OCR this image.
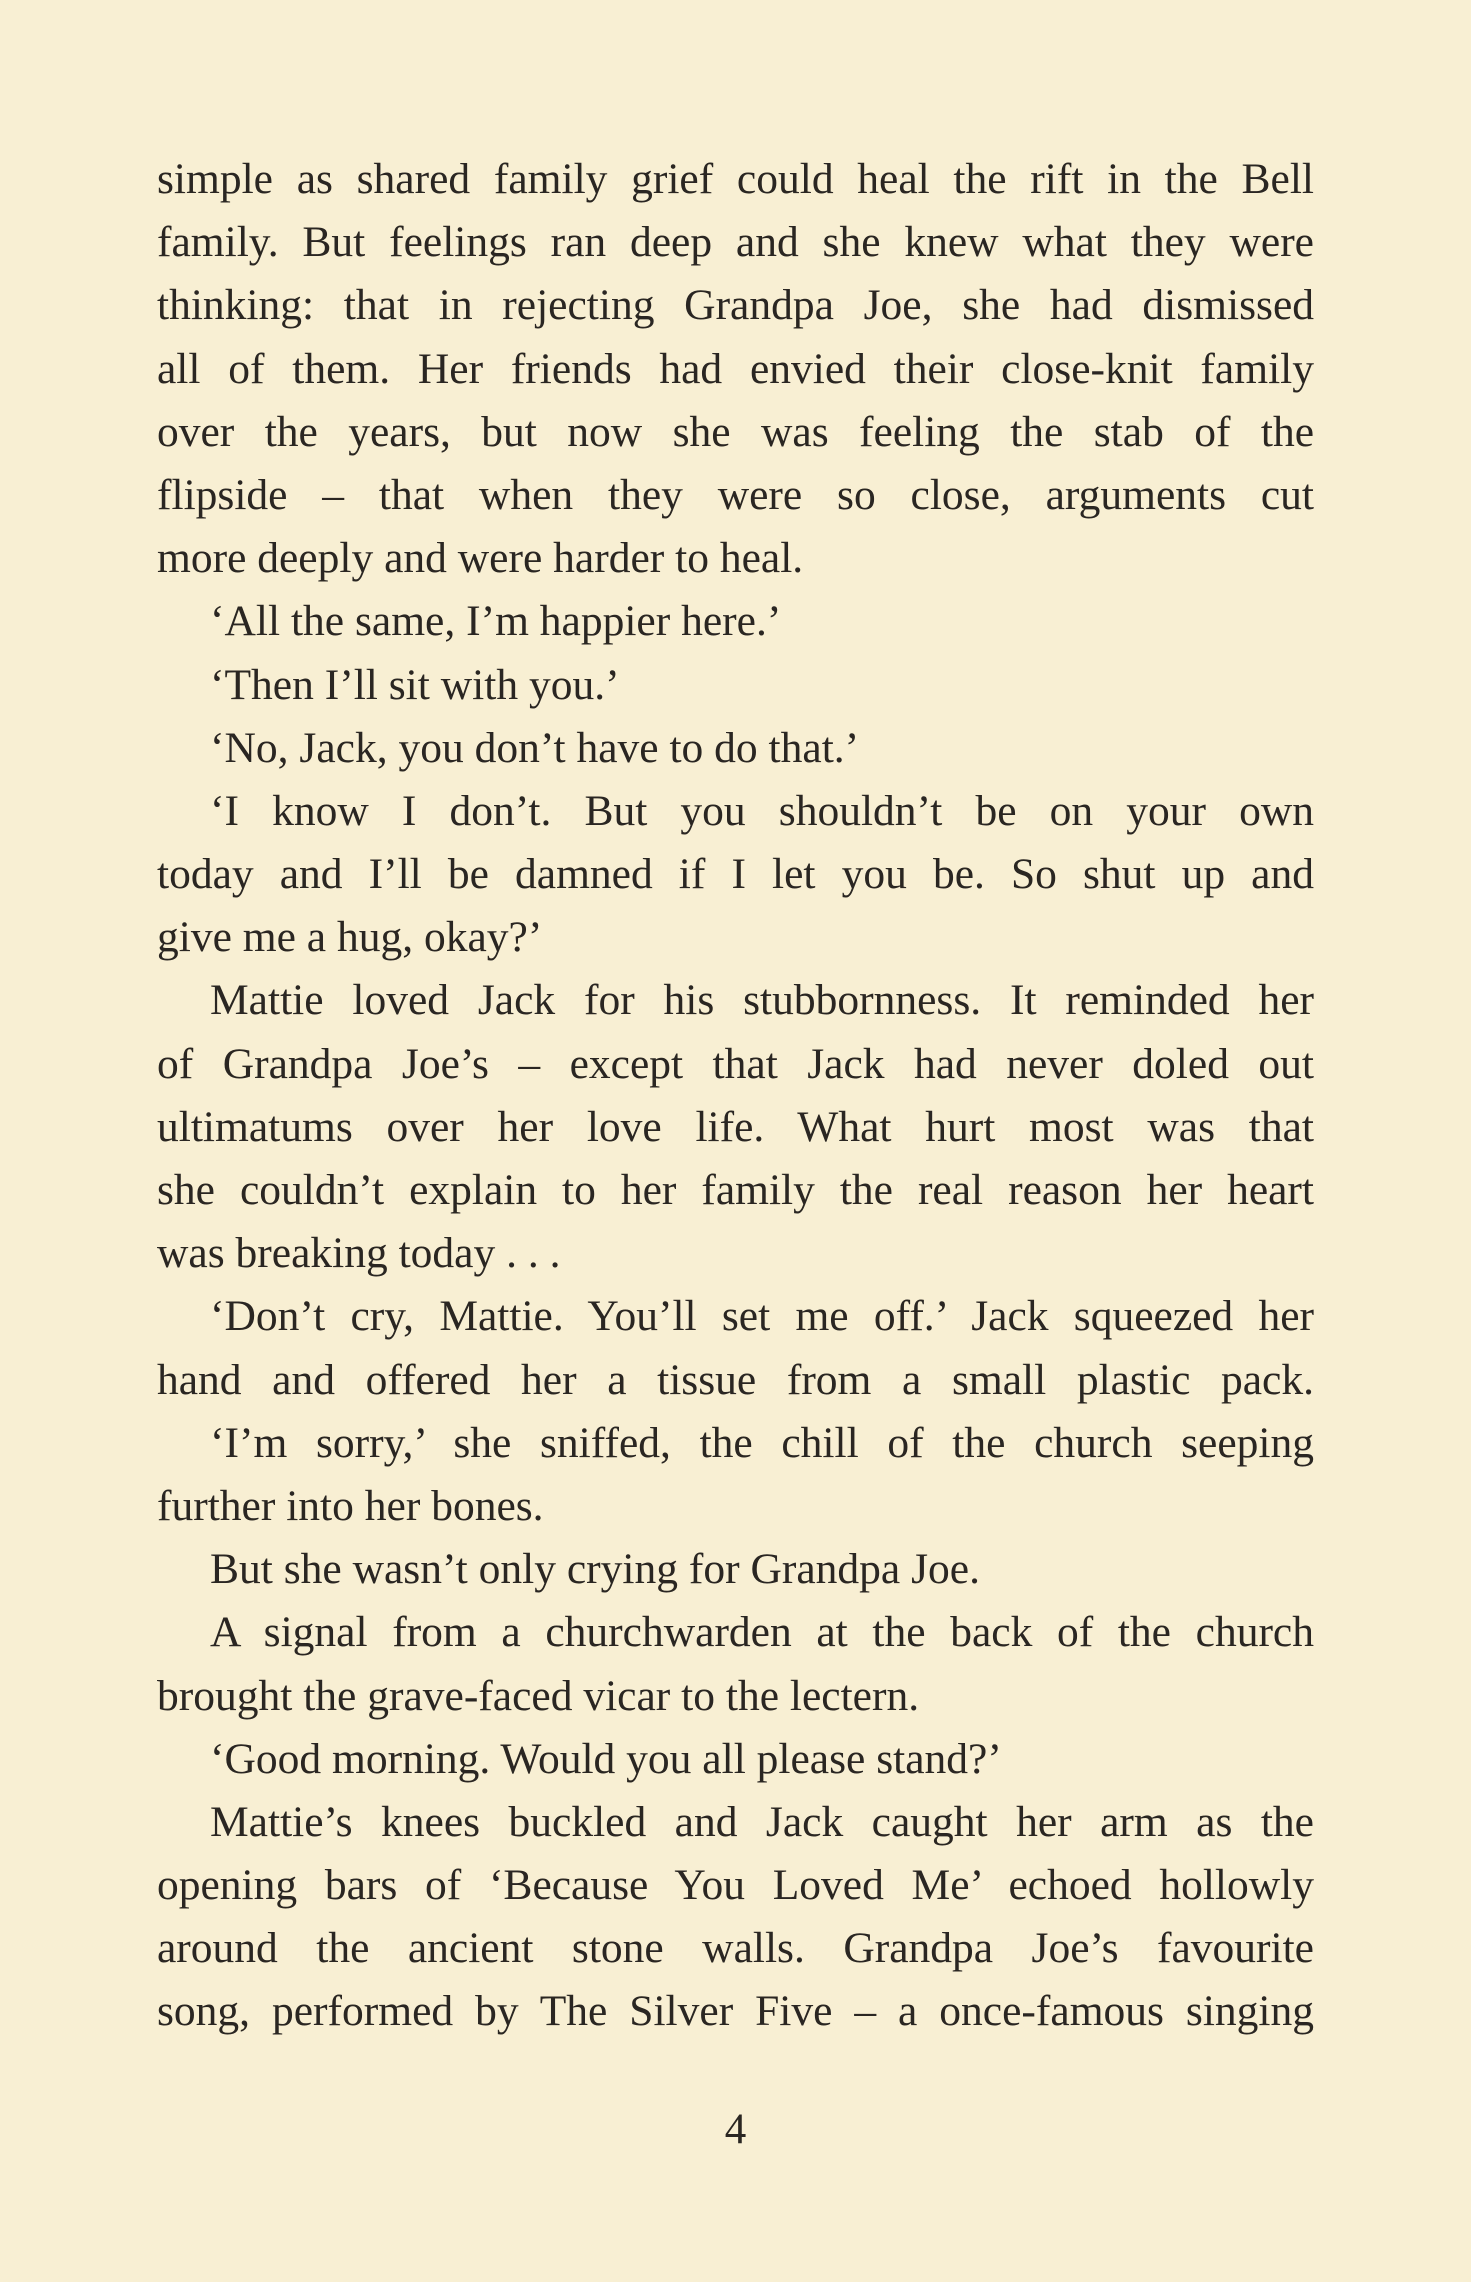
simple as shared family grief could heal the rift in the Bell
family. But feelings ran deep and she knew what they were
thinking: that in rejecting Grandpa Joe, she had dismissed
all of them. Her friends had envied their close-knit family
over the years, but now she was feeling the stab of the
flipside – that when they were so close, arguments cut
more deeply and were harder to heal.
‘All the same, I’m happier here.’
‘Then I’ll sit with you.’
‘No, Jack, you don’t have to do that.’
‘I know I don’t. But you shouldn’t be on your own
today and I’ll be damned if I let you be. So shut up and
give me a hug, okay?’
Mattie loved Jack for his stubbornness. It reminded her
of Grandpa Joe’s – except that Jack had never doled out
ultimatums over her love life. What hurt most was that
she couldn’t explain to her family the real reason her heart
was breaking today . . .
‘Don’t cry, Mattie. You’ll set me off.’ Jack squeezed her
hand and offered her a tissue from a small plastic pack.
‘I’m sorry,’ she sniffed, the chill of the church seeping
further into her bones.
But she wasn’t only crying for Grandpa Joe.
A signal from a churchwarden at the back of the church
brought the grave-faced vicar to the lectern.
‘Good morning. Would you all please stand?’
Mattie’s knees buckled and Jack caught her arm as the
opening bars of ‘Because You Loved Me’ echoed hollowly
around the ancient stone walls. Grandpa Joe’s favourite
song, performed by The Silver Five – a once-famous singing
4
